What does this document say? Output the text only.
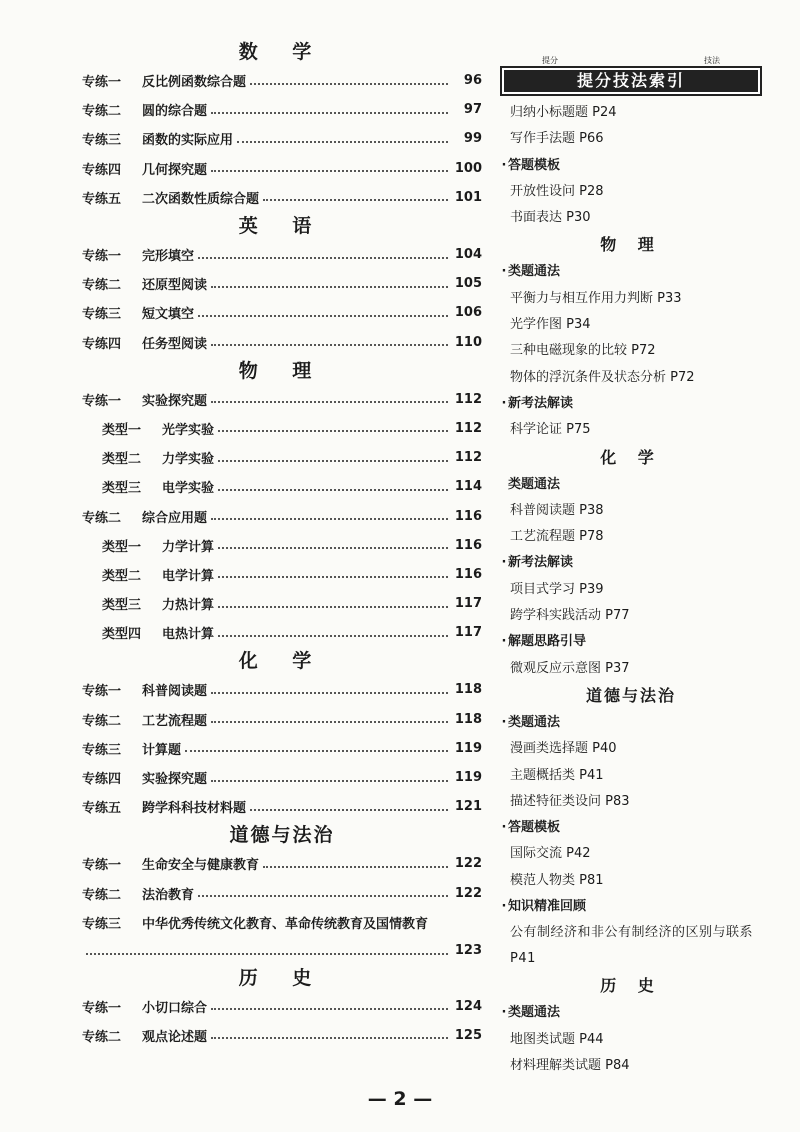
数 学
专练一	反比例函数综合题	96
专练二	圆的综合题	97
专练三	函数的实际应用	99
专练四	几何探究题	100
专练五	二次函数性质综合题	101
英 语
专练一	完形填空	104
专练二	还原型阅读	105
专练三	短文填空	106
专练四	任务型阅读	110
物 理
专练一	实验探究题	112
类型一	光学实验	112
类型二	力学实验	112
类型三	电学实验	114
专练二	综合应用题	116
类型一	力学计算	116
类型二	电学计算	116
类型三	力热计算	117
类型四	电热计算	117
化 学
专练一	科普阅读题	118
专练二	工艺流程题	118
专练三	计算题	119
专练四	实验探究题	119
专练五	跨学科科技材料题	121
道德与法治
专练一	生命安全与健康教育	122
专练二	法治教育	122
专练三	中华优秀传统文化教育、革命传统教育及国情教育
123
历 史
专练一	小切口综合	124
专练二	观点论述题	125
提分
提分技法索引
技法
归纳小标题题 P24
写作手法题 P66
· 答题模板
开放性设问 P28
书面表达 P30
物 理
· 类题通法
平衡力与相互作用力判断 P33
光学作图 P34
三种电磁现象的比较 P72
物体的浮沉条件及状态分析 P72
· 新考法解读
科学论证 P75
化 学
类题通法
科普阅读题 P38
工艺流程题 P78
· 新考法解读
项目式学习 P39
跨学科实践活动 P77
· 解题思路引导
微观反应示意图 P37
道德与法治
· 类题通法
漫画类选择题 P40
主题概括类 P41
描述特征类设问 P83
· 答题模板
国际交流 P42
模范人物类 P81
· 知识精准回顾
公有制经济和非公有制经济的区别与联系 P41
历 史
· 类题通法
地图类试题 P44
材料理解类试题 P84
— 2 —
